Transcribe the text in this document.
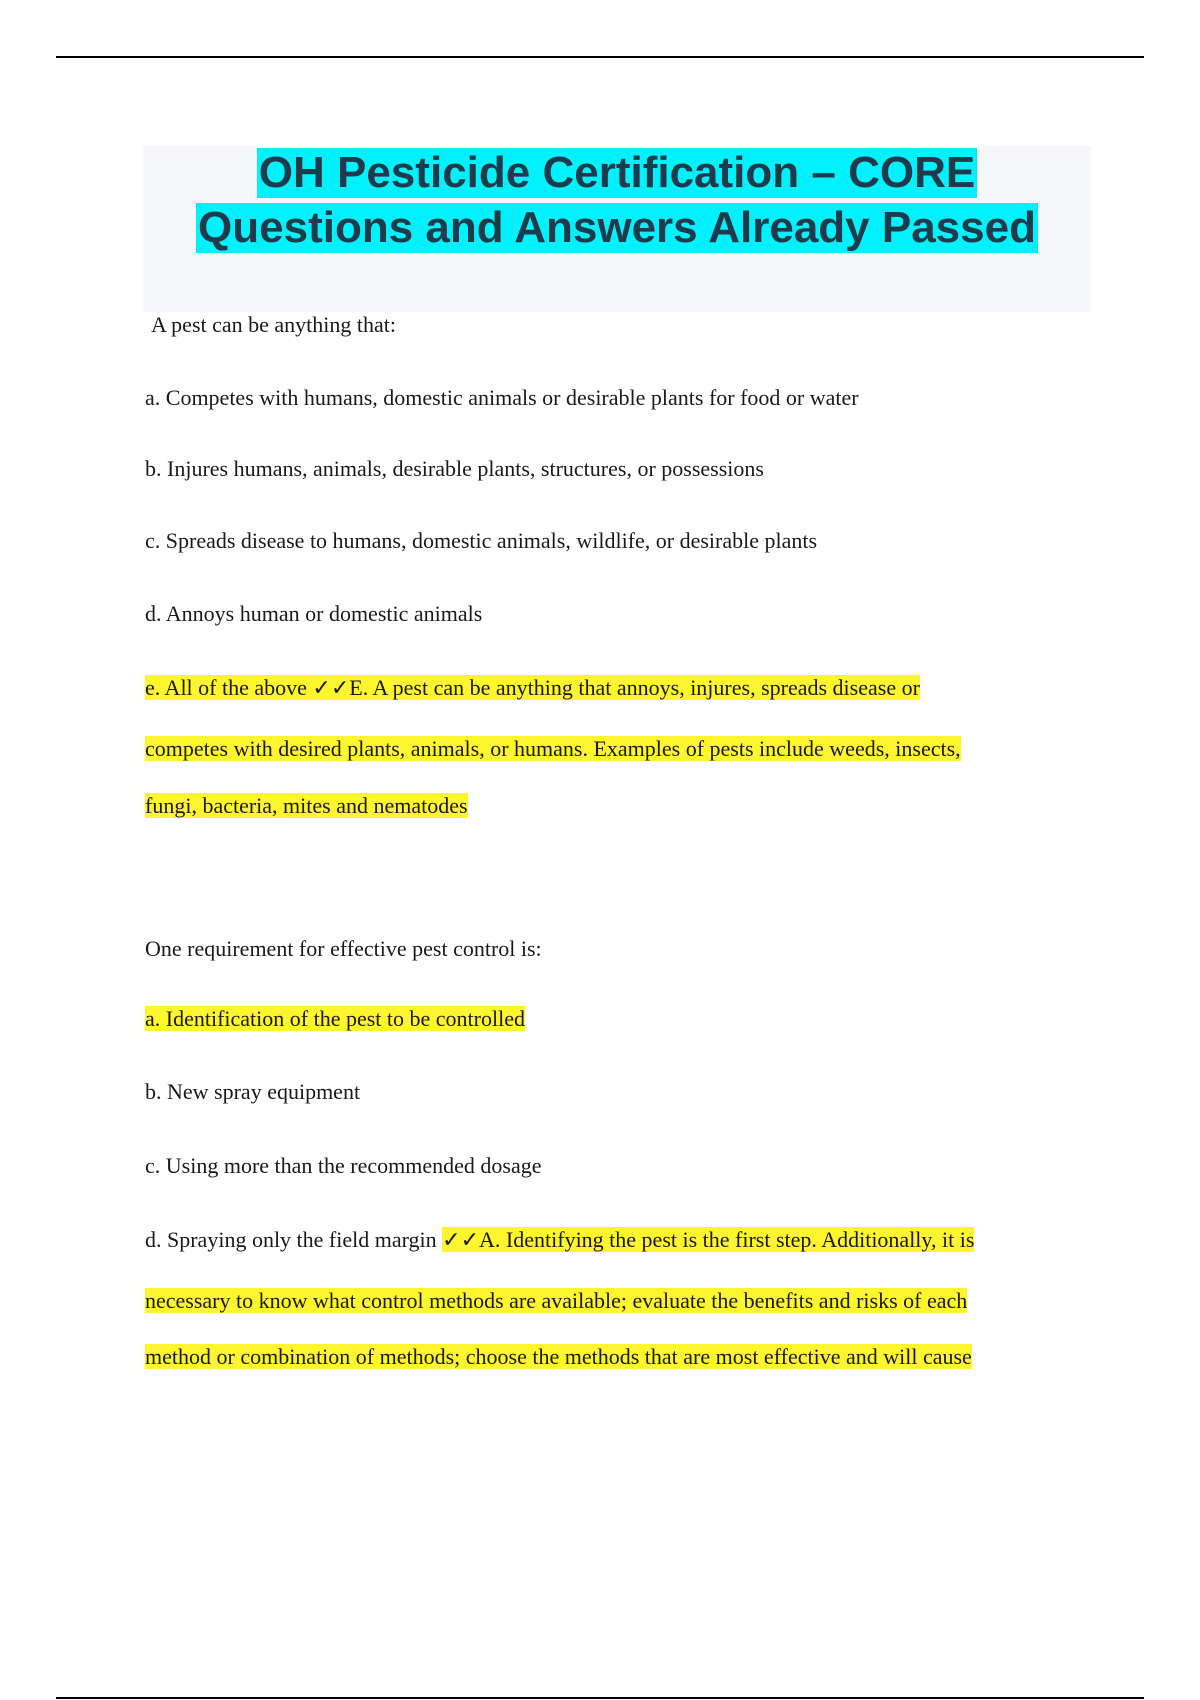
OH Pesticide Certification – CORE
Questions and Answers Already Passed
A pest can be anything that:
a. Competes with humans, domestic animals or desirable plants for food or water
b. Injures humans, animals, desirable plants, structures, or possessions
c. Spreads disease to humans, domestic animals, wildlife, or desirable plants
d. Annoys human or domestic animals
e. All of the above ✓✓E. A pest can be anything that annoys, injures, spreads disease or
competes with desired plants, animals, or humans. Examples of pests include weeds, insects,
fungi, bacteria, mites and nematodes
One requirement for effective pest control is:
a. Identification of the pest to be controlled
b. New spray equipment
c. Using more than the recommended dosage
d. Spraying only the field margin ✓✓A. Identifying the pest is the first step. Additionally, it is
necessary to know what control methods are available; evaluate the benefits and risks of each
method or combination of methods; choose the methods that are most effective and will cause
